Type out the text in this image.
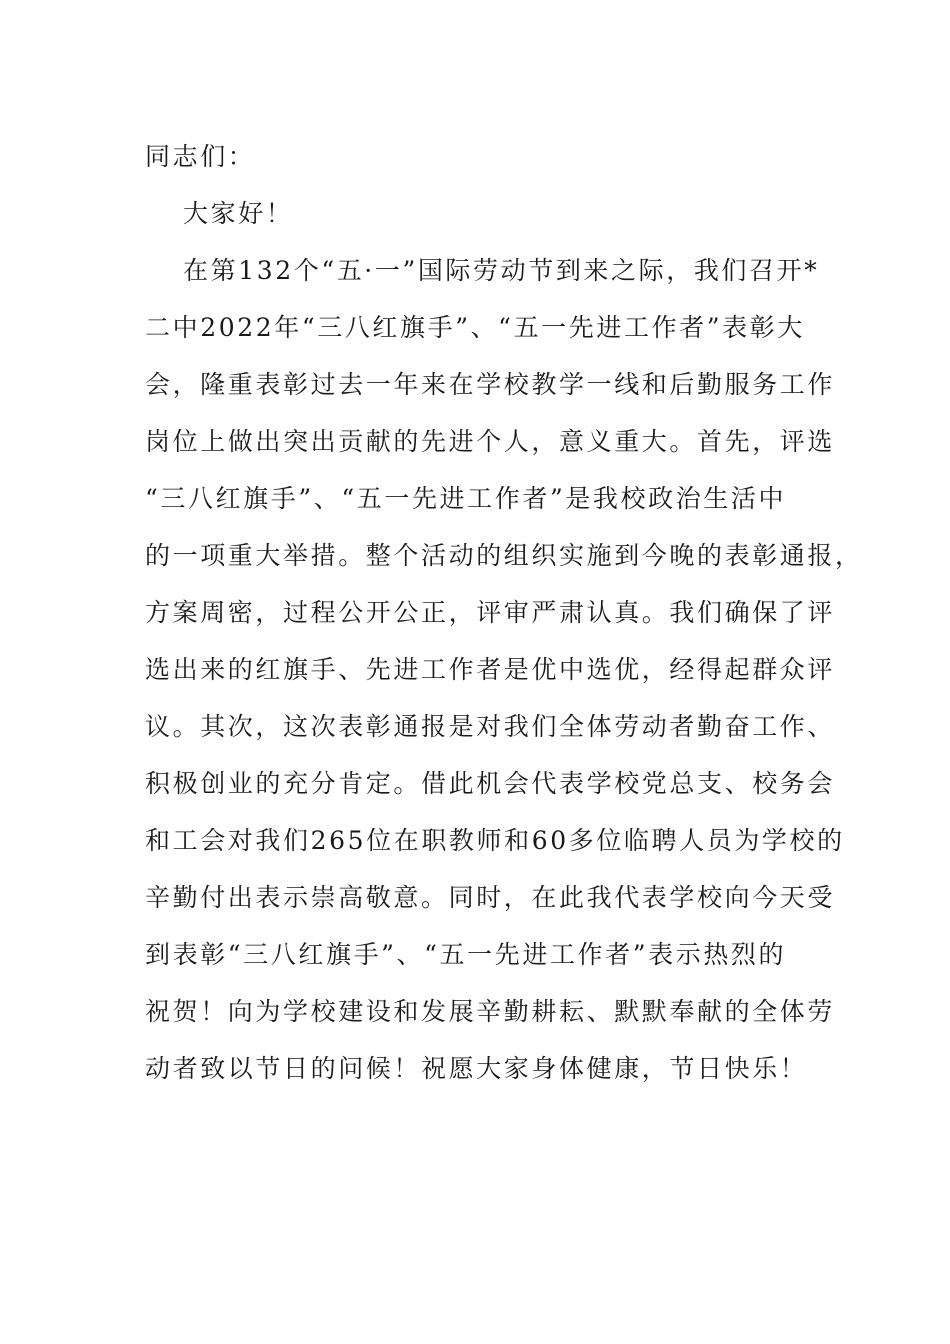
同志们：
大家好！
在第132个“五·一”国际劳动节到来之际，我们召开*
二中2022年“三八红旗手”、“五一先进工作者”表彰大
会，隆重表彰过去一年来在学校教学一线和后勤服务工作
岗位上做出突出贡献的先进个人，意义重大。首先，评选
“三八红旗手”、“五一先进工作者”是我校政治生活中
的一项重大举措。整个活动的组织实施到今晚的表彰通报，
方案周密，过程公开公正，评审严肃认真。我们确保了评
选出来的红旗手、先进工作者是优中选优，经得起群众评
议。其次，这次表彰通报是对我们全体劳动者勤奋工作、
积极创业的充分肯定。借此机会代表学校党总支、校务会
和工会对我们265位在职教师和60多位临聘人员为学校的
辛勤付出表示崇高敬意。同时，在此我代表学校向今天受
到表彰“三八红旗手”、“五一先进工作者”表示热烈的
祝贺！向为学校建设和发展辛勤耕耘、默默奉献的全体劳
动者致以节日的问候！祝愿大家身体健康，节日快乐！
